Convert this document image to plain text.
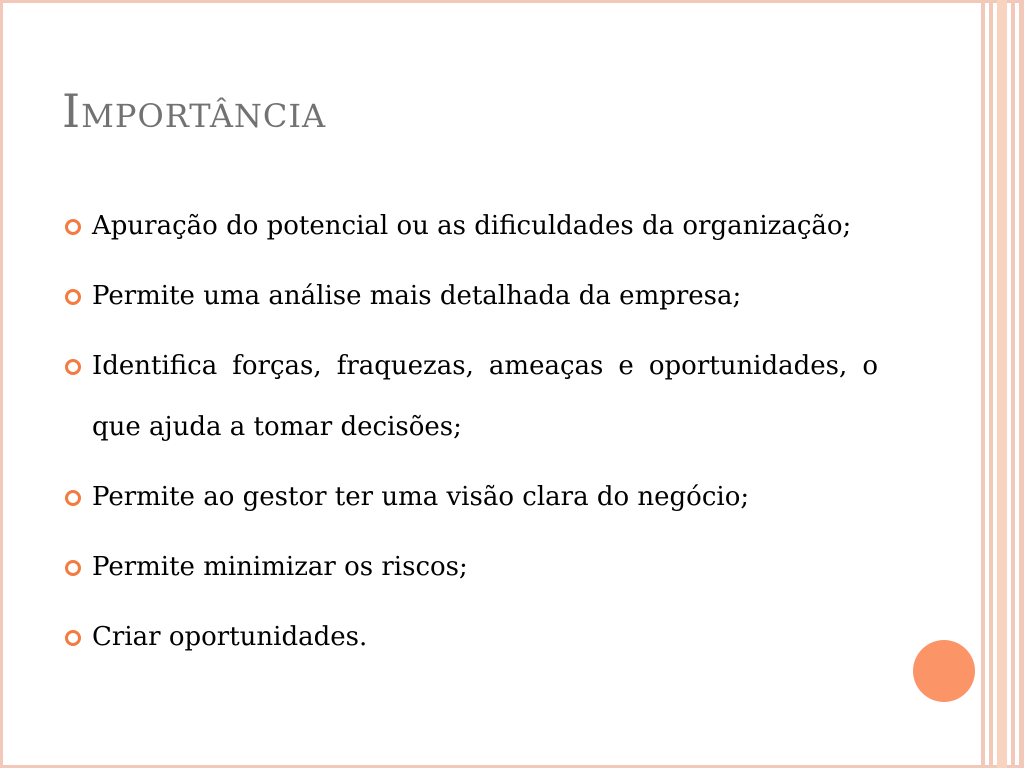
Importância
Apuração do potencial ou as dificuldades da organização;
Permite uma análise mais detalhada da empresa;
Identifica forças, fraquezas, ameaças e oportunidades, o que ajuda a tomar decisões;
Permite ao gestor ter uma visão clara do negócio;
Permite minimizar os riscos;
Criar oportunidades.
